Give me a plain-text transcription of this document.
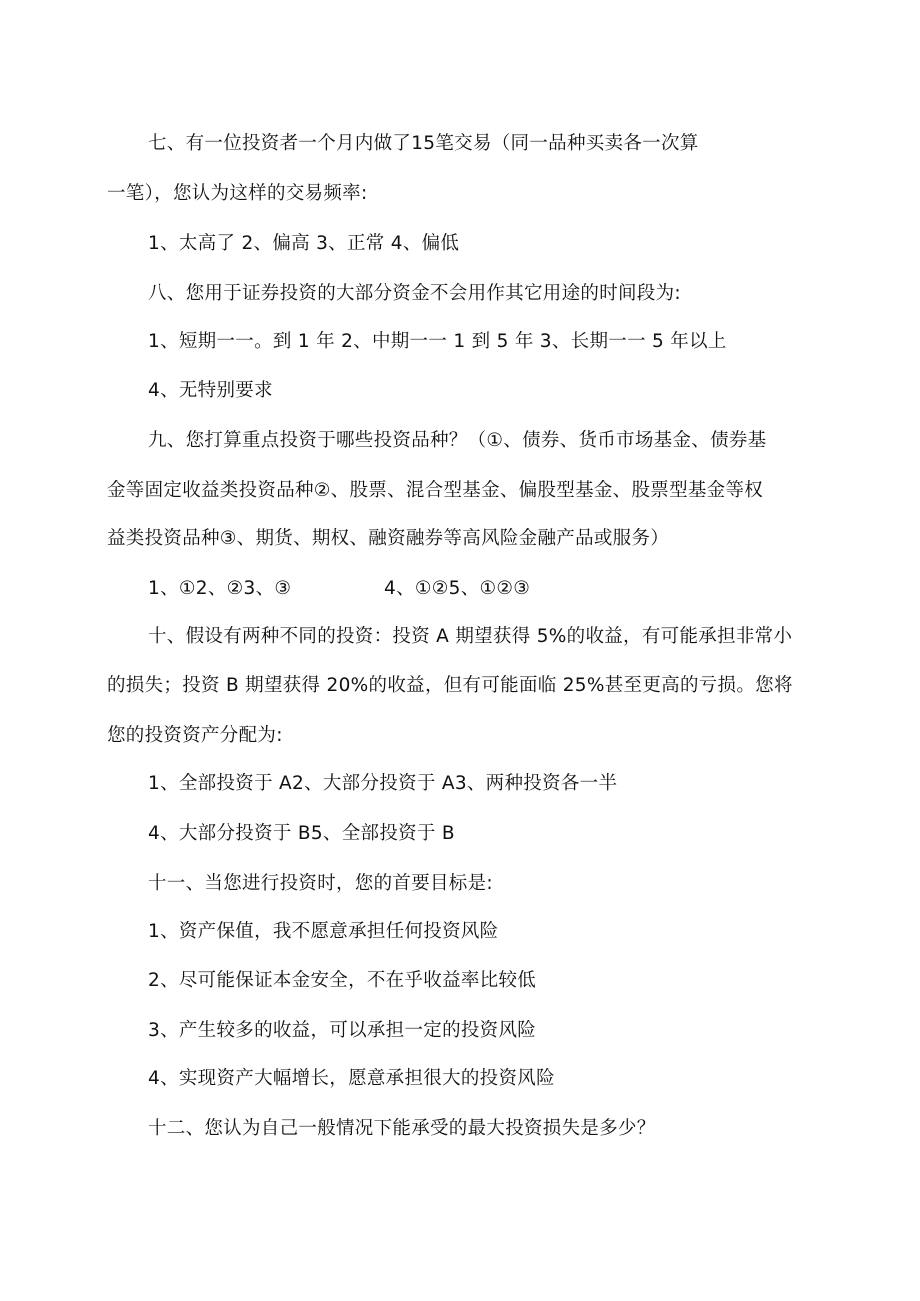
七、有一位投资者一个月内做了15笔交易（同一品种买卖各一次算
一笔），您认为这样的交易频率:
1、太高了 2、偏高 3、正常 4、偏低
八、您用于证券投资的大部分资金不会用作其它用途的时间段为:
1、短期一一。到 1 年 2、中期一一 1 到 5 年 3、长期一一 5 年以上
4、无特别要求
九、您打算重点投资于哪些投资品种？（①、债券、货币市场基金、债券基
金等固定收益类投资品种②、股票、混合型基金、偏股型基金、股票型基金等权
益类投资品种③、期货、期权、融资融券等高风险金融产品或服务）
1、①2、②3、③	4、①②5、①②③
十、假设有两种不同的投资：投资 A 期望获得 5%的收益，有可能承担非常小
的损失；投资 B 期望获得 20%的收益，但有可能面临 25%甚至更高的亏损。您将
您的投资资产分配为:
1、全部投资于 A2、大部分投资于 A3、两种投资各一半
4、大部分投资于 B5、全部投资于 B
十一、当您进行投资时，您的首要目标是:
1、资产保值，我不愿意承担任何投资风险
2、尽可能保证本金安全，不在乎收益率比较低
3、产生较多的收益，可以承担一定的投资风险
4、实现资产大幅增长，愿意承担很大的投资风险
十二、您认为自己一般情况下能承受的最大投资损失是多少？
